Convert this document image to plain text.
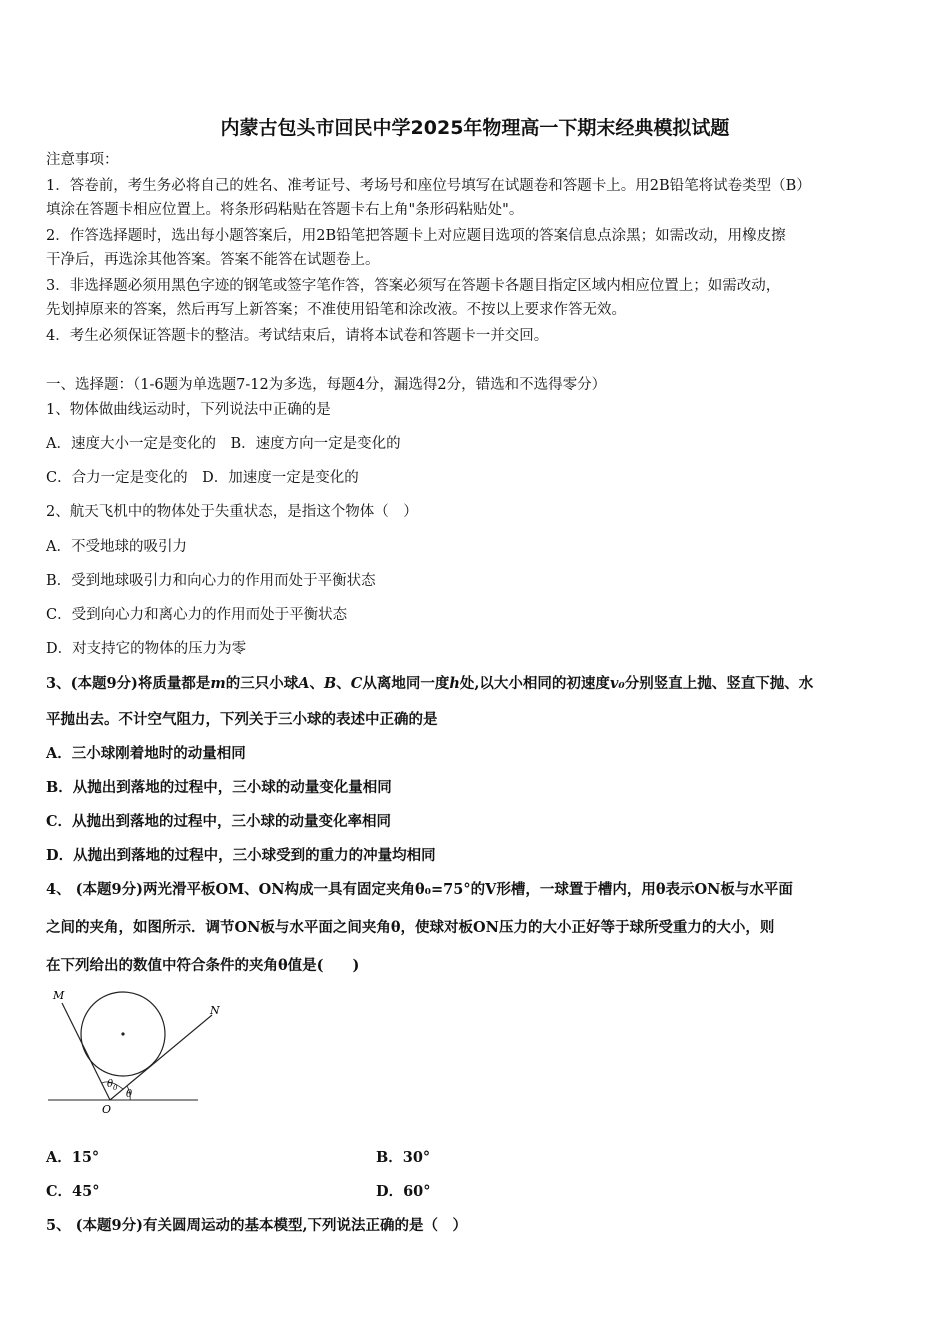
内蒙古包头市回民中学2025年物理高一下期末经典模拟试题
注意事项：
1．答卷前，考生务必将自己的姓名、准考证号、考场号和座位号填写在试题卷和答题卡上。用2B铅笔将试卷类型（B）
填涂在答题卡相应位置上。将条形码粘贴在答题卡右上角"条形码粘贴处"。
2．作答选择题时，选出每小题答案后，用2B铅笔把答题卡上对应题目选项的答案信息点涂黑；如需改动，用橡皮擦
干净后，再选涂其他答案。答案不能答在试题卷上。
3．非选择题必须用黑色字迹的钢笔或签字笔作答，答案必须写在答题卡各题目指定区域内相应位置上；如需改动，
先划掉原来的答案，然后再写上新答案；不准使用铅笔和涂改液。不按以上要求作答无效。
4．考生必须保证答题卡的整洁。考试结束后，请将本试卷和答题卡一并交回。
一、选择题：（1-6题为单选题7-12为多选，每题4分，漏选得2分，错选和不选得零分）
1、物体做曲线运动时，下列说法中正确的是
A．速度大小一定是变化的　B．速度方向一定是变化的
C．合力一定是变化的　D．加速度一定是变化的
2、航天飞机中的物体处于失重状态，是指这个物体（　）
A．不受地球的吸引力
B．受到地球吸引力和向心力的作用而处于平衡状态
C．受到向心力和离心力的作用而处于平衡状态
D．对支持它的物体的压力为零
3、(本题9分)将质量都是m的三只小球A、B、C从离地同一度h处,以大小相同的初速度v₀分别竖直上抛、竖直下抛、水
平抛出去。不计空气阻力，下列关于三小球的表述中正确的是
A．三小球刚着地时的动量相同
B．从抛出到落地的过程中，三小球的动量变化量相同
C．从抛出到落地的过程中，三小球的动量变化率相同
D．从抛出到落地的过程中，三小球受到的重力的冲量均相同
4、 (本题9分)两光滑平板OM、ON构成一具有固定夹角θ₀=75°的V形槽，一球置于槽内，用θ表示ON板与水平面
之间的夹角，如图所示．调节ON板与水平面之间夹角θ，使球对板ON压力的大小正好等于球所受重力的大小，则
在下列给出的数值中符合条件的夹角θ值是(　　)
M
N
O
θ 0
θ
A．15°	B．30°
C．45°	D．60°
5、 (本题9分)有关圆周运动的基本模型,下列说法正确的是（　）
